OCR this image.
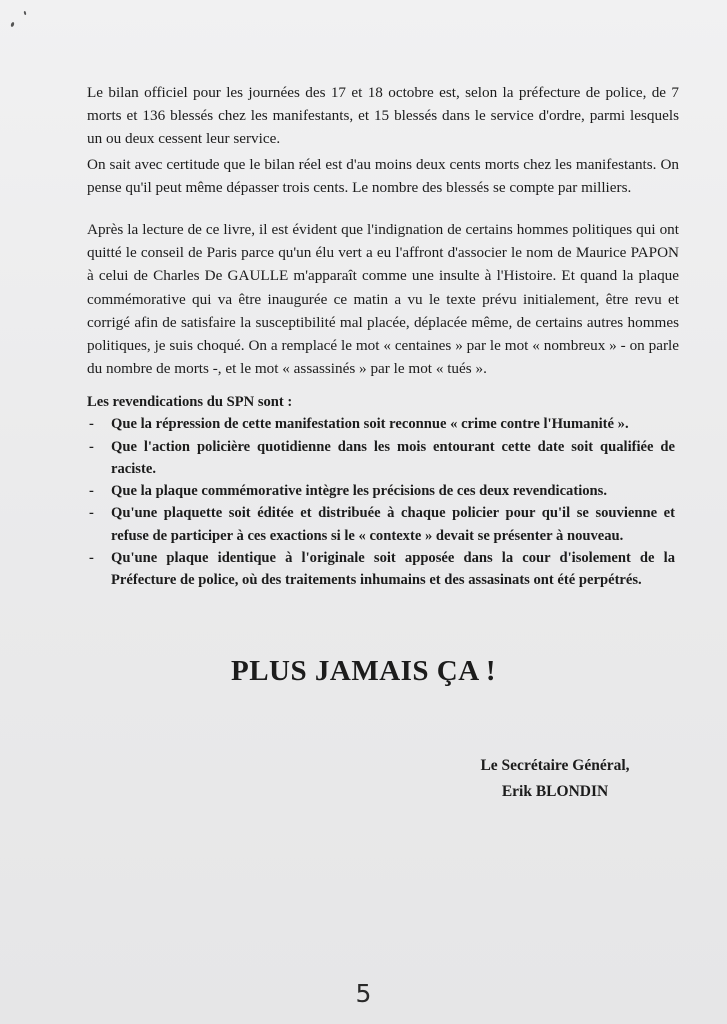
Le bilan officiel pour les journées des 17 et 18 octobre est, selon la préfecture de police, de 7 morts et 136 blessés chez les manifestants, et 15 blessés dans le service d'ordre, parmi lesquels un ou deux cessent leur service.

On sait avec certitude que le bilan réel est d'au moins deux cents morts chez les manifestants. On pense qu'il peut même dépasser trois cents. Le nombre des blessés se compte par milliers.

Après la lecture de ce livre, il est évident que l'indignation de certains hommes politiques qui ont quitté le conseil de Paris parce qu'un élu vert a eu l'affront d'associer le nom de Maurice PAPON à celui de Charles De GAULLE m'apparaît comme une insulte à l'Histoire. Et quand la plaque commémorative qui va être inaugurée ce matin a vu le texte prévu initialement, être revu et corrigé afin de satisfaire la susceptibilité mal placée, déplacée même, de certains autres hommes politiques, je suis choqué. On a remplacé le mot « centaines » par le mot « nombreux » - on parle du nombre de morts -, et le mot « assassinés » par le mot « tués ».

Les revendications du SPN sont :

- Que la répression de cette manifestation soit reconnue « crime contre l'Humanité ».
- Que l'action policière quotidienne dans les mois entourant cette date soit qualifiée de raciste.
- Que la plaque commémorative intègre les précisions de ces deux revendications.
- Qu'une plaquette soit éditée et distribuée à chaque policier pour qu'il se souvienne et refuse de participer à ces exactions si le « contexte » devait se présenter à nouveau.
- Qu'une plaque identique à l'originale soit apposée dans la cour d'isolement de la Préfecture de police, où des traitements inhumains et des assasinats ont été perpétrés.

PLUS JAMAIS ÇA !

Le Secrétaire Général,
Erik BLONDIN
5
